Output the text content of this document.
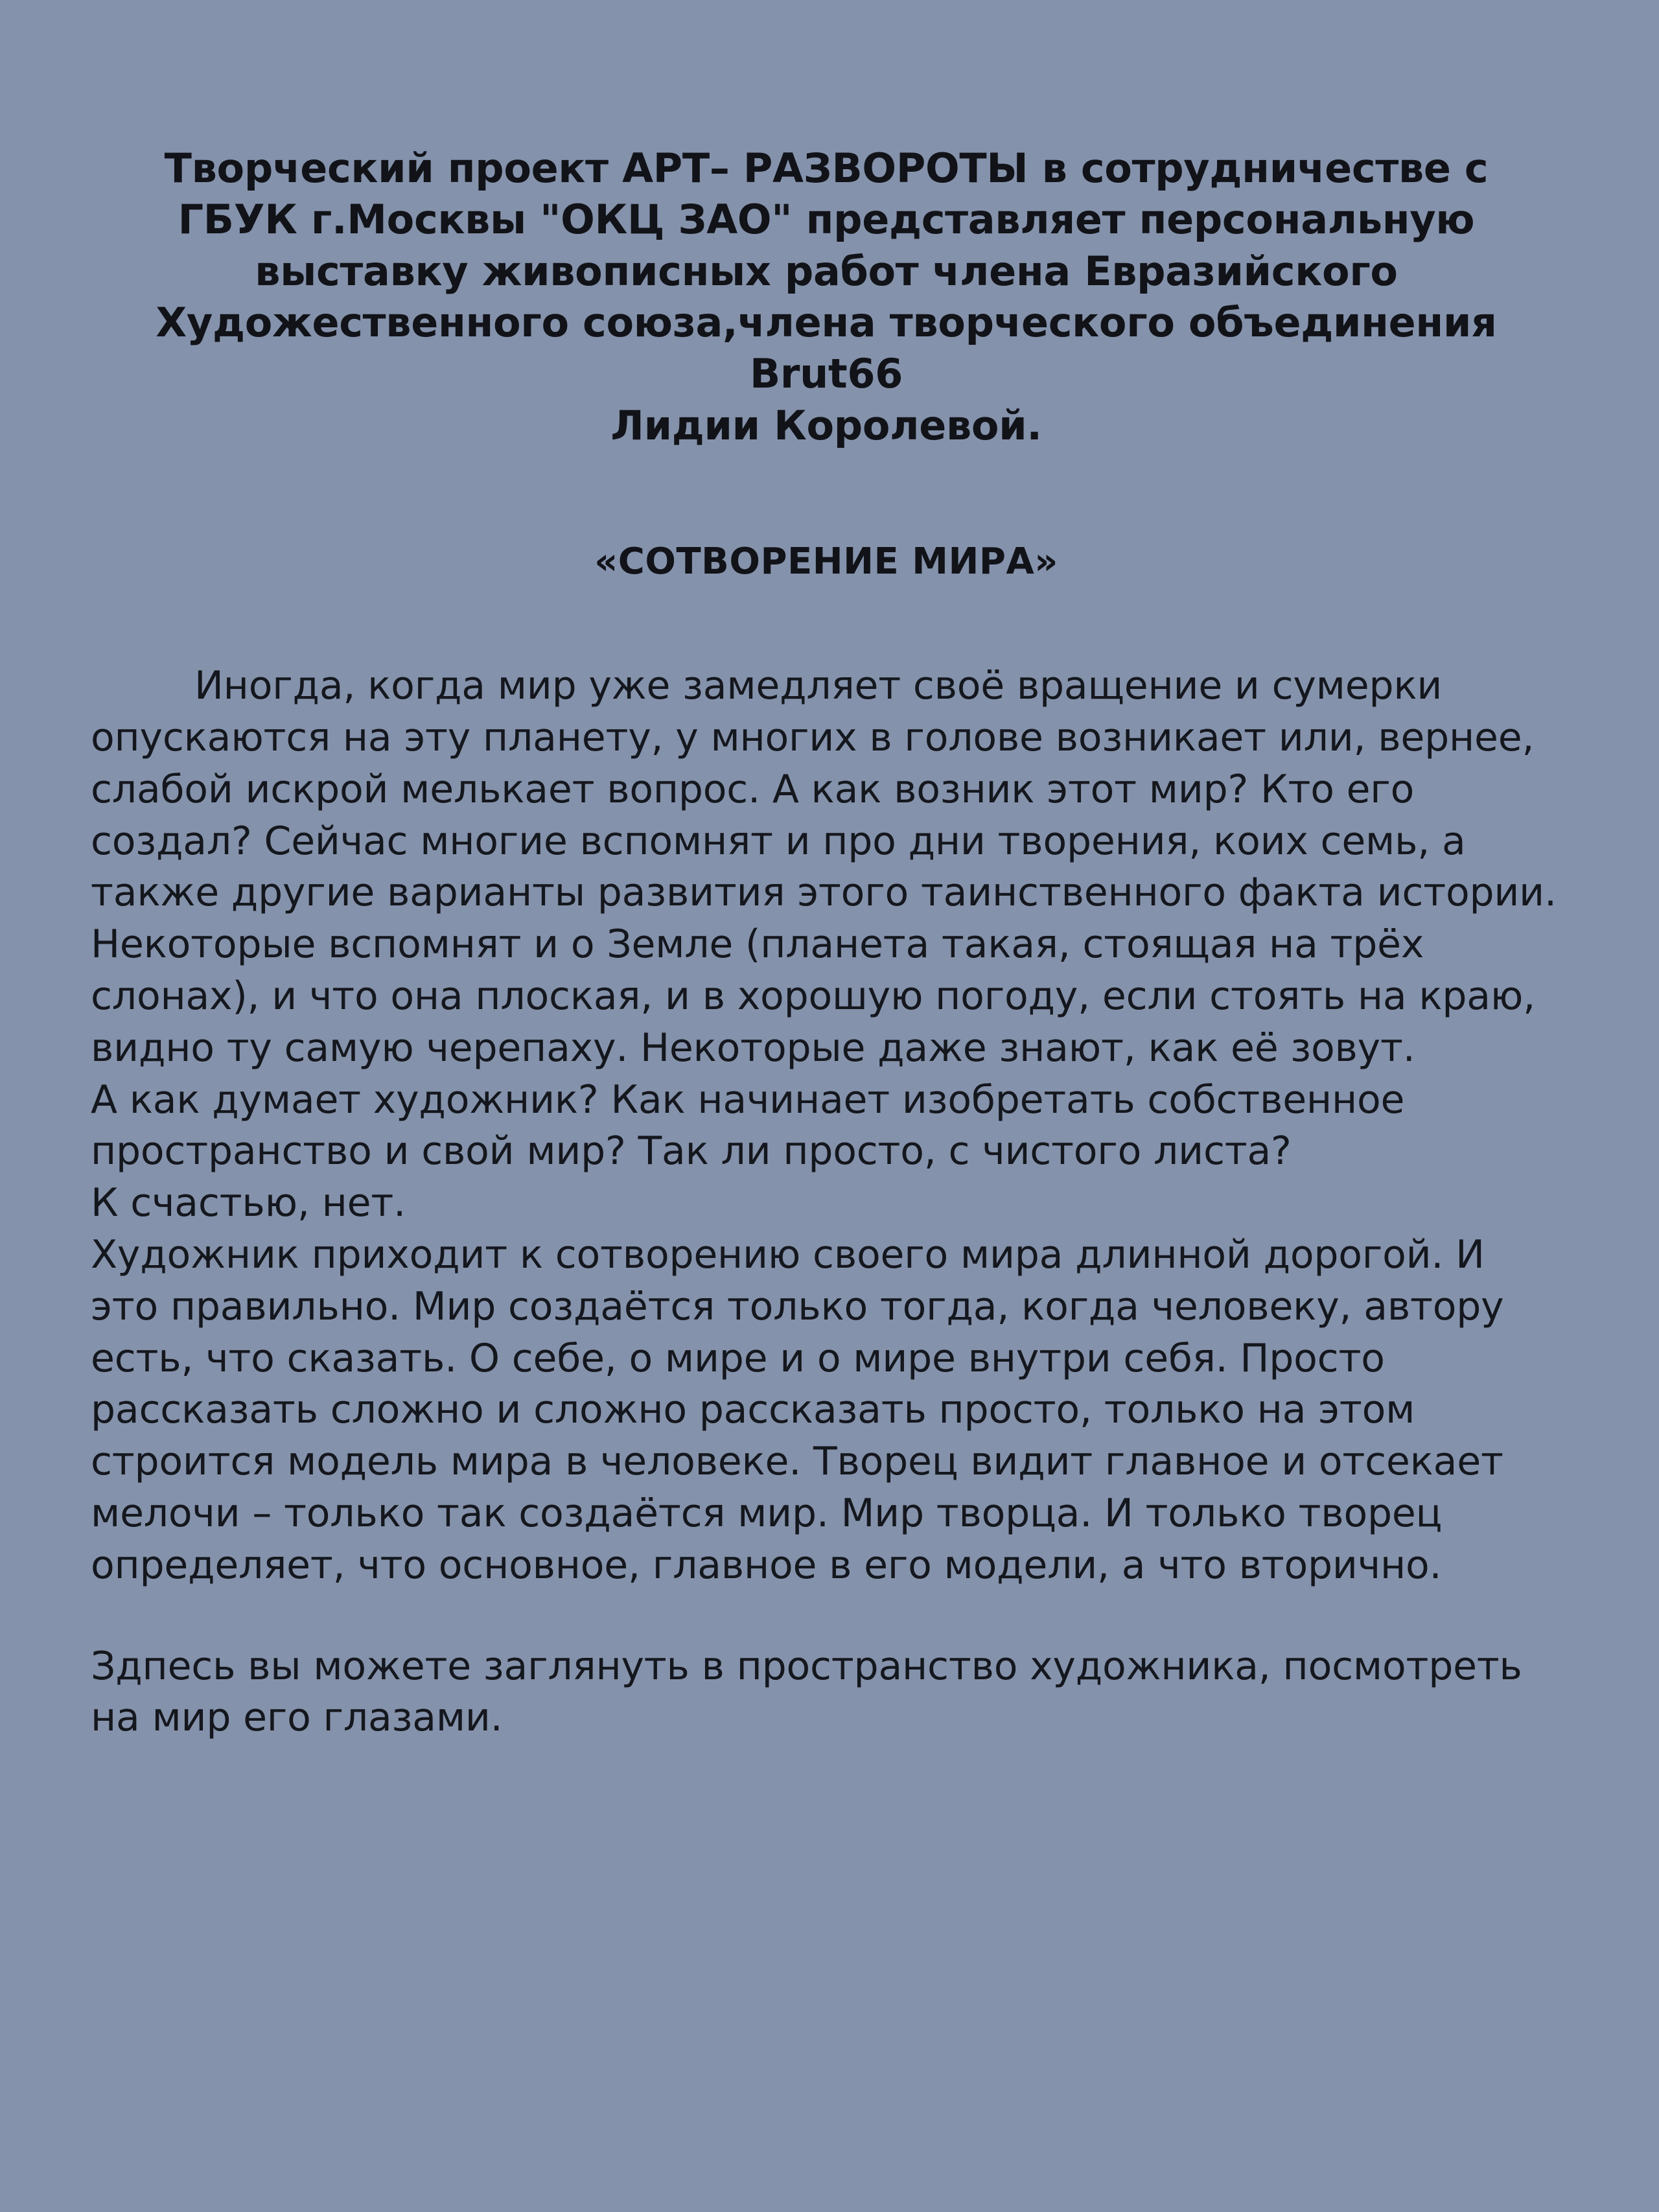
Творческий проект АРТ– РАЗВОРОТЫ в сотрудничестве с
ГБУК г.Москвы "ОКЦ ЗАО" представляет персональную
выставку живописных работ члена Евразийского
Художественного союза,члена творческого объединения
Brut66
Лидии Королевой.
«СОТВОРЕНИЕ МИРА»

Иногда, когда мир уже замедляет своё вращение и сумерки опускаются на эту планету, у многих в голове возникает или, вернее, слабой искрой мелькает вопрос. А как возник этот мир? Кто его создал? Сейчас многие вспомнят и про дни творения, коих семь, а также другие варианты развития этого таинственного факта истории. Некоторые вспомнят и о Земле (планета такая, стоящая на трёх слонах), и что она плоская, и в хорошую погоду, если стоять на краю, видно ту самую черепаху. Некоторые даже знают, как её зовут.

А как думает художник? Как начинает изобретать собственное пространство и свой мир? Так ли просто, с чистого листа?

К счастью, нет.

Художник приходит к сотворению своего мира длинной дорогой. И это правильно. Мир создаётся только тогда, когда человеку, автору есть, что сказать. О себе, о мире и о мире внутри себя. Просто рассказать сложно и сложно рассказать просто, только на этом строится модель мира в человеке. Творец видит главное и отсекает мелочи – только так создаётся мир. Мир творца. И только творец определяет, что основное, главное в его модели, а что вторично.

Здпесь вы можете заглянуть в пространство художника, посмотреть на мир его глазами.
